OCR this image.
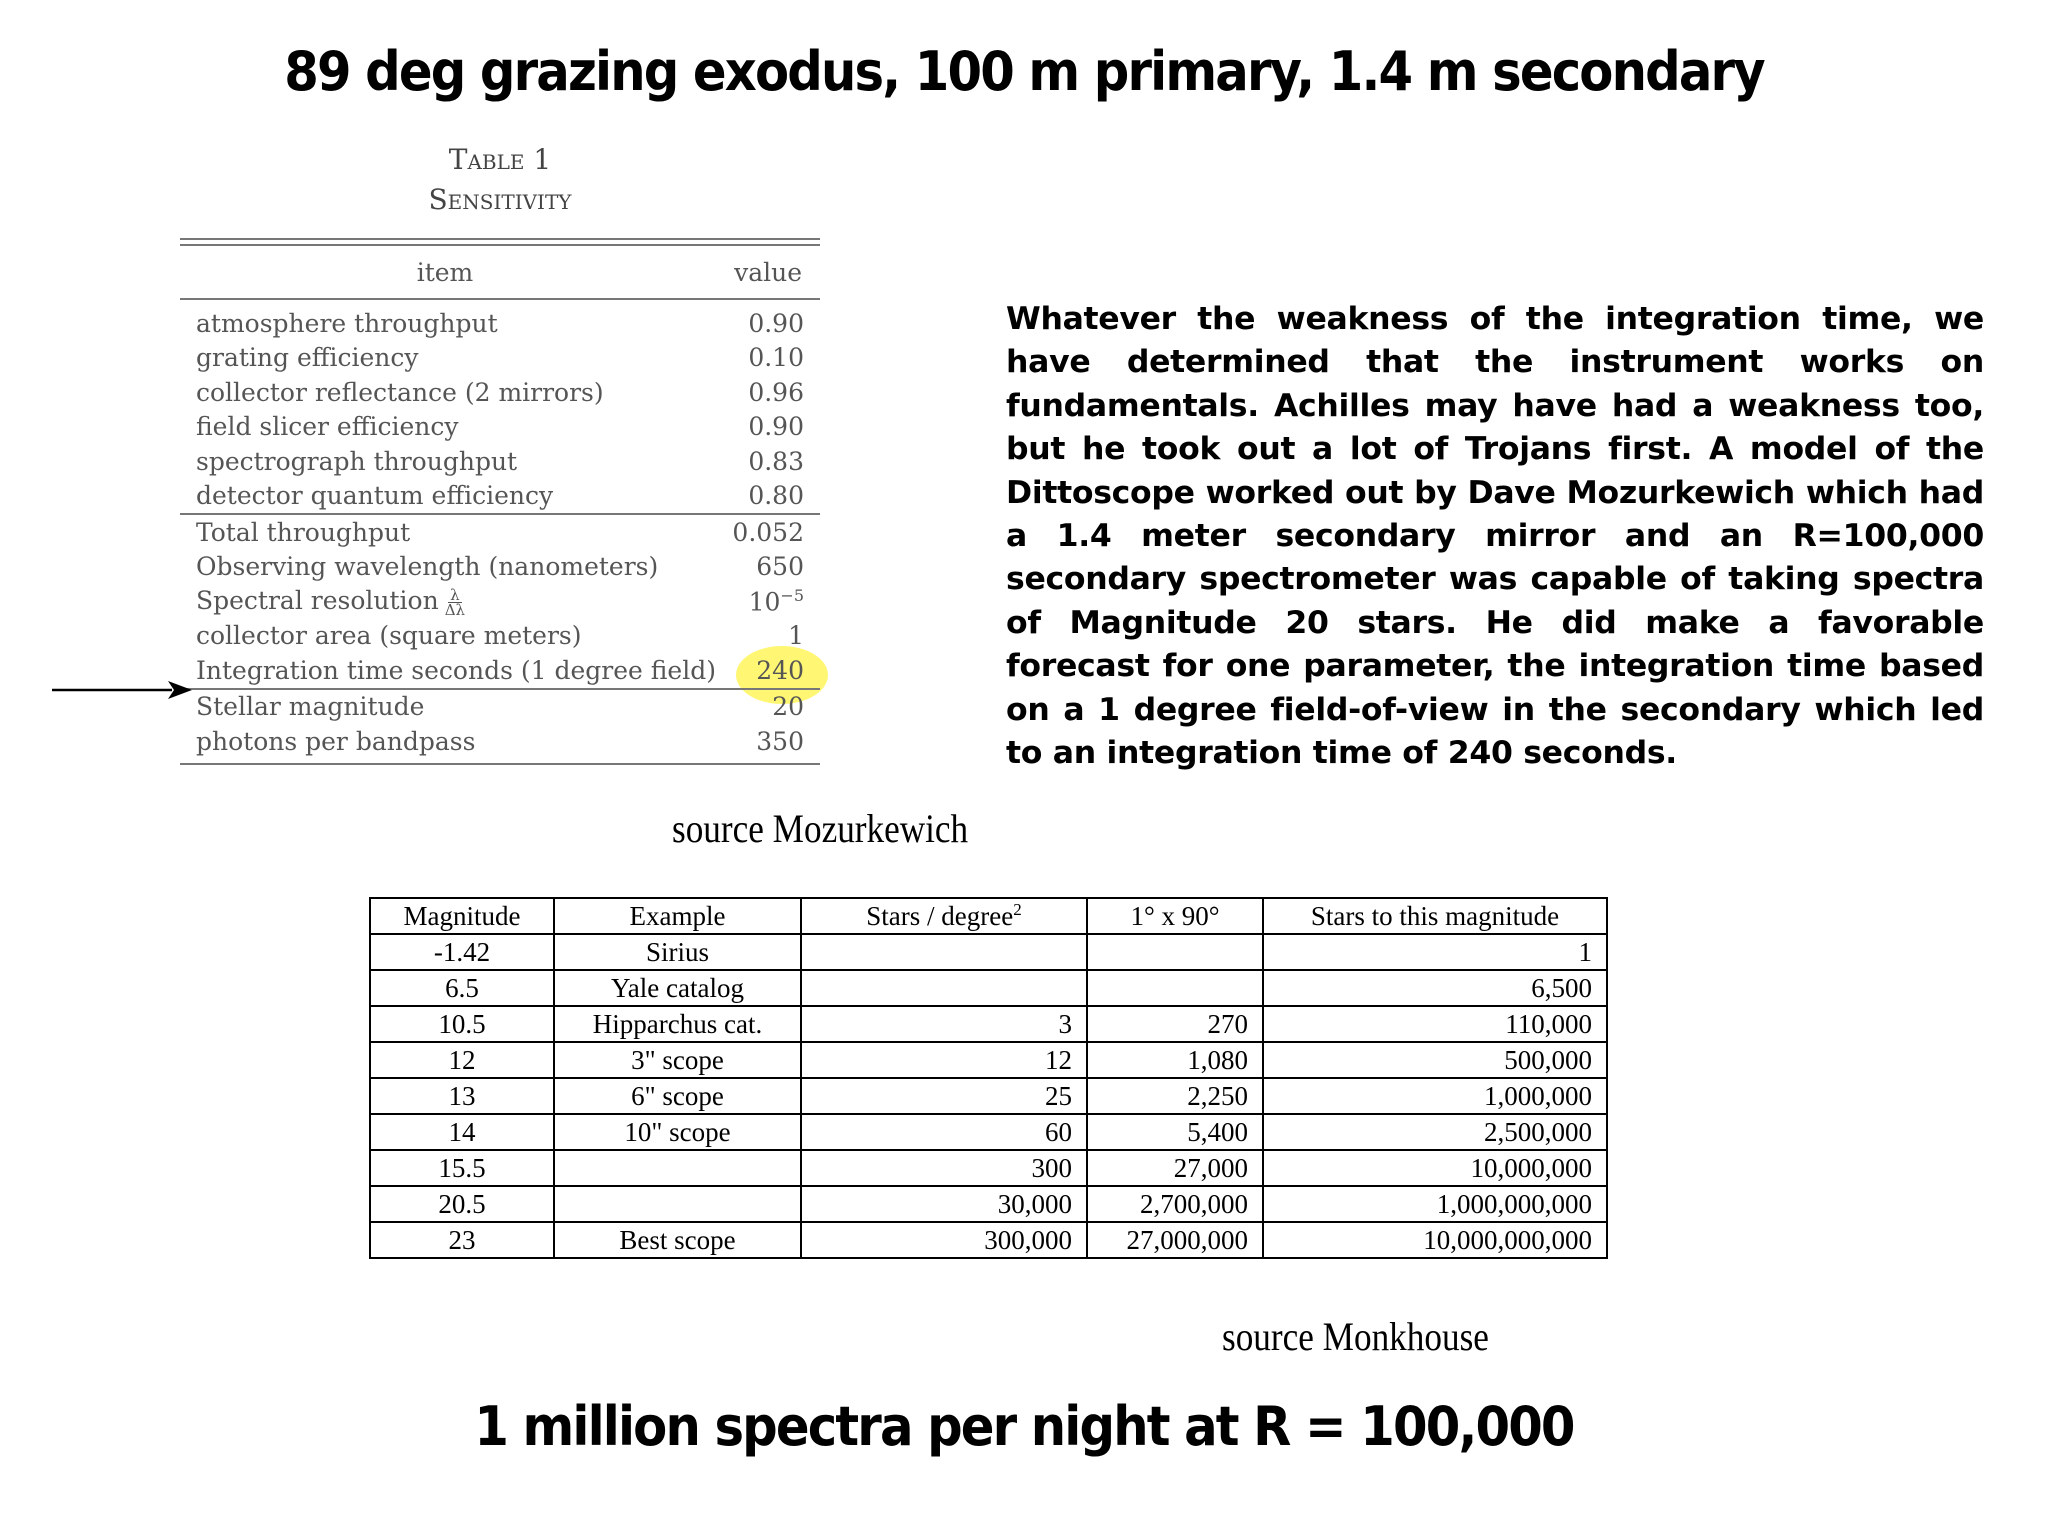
89 deg grazing exodus, 100 m primary, 1.4 m secondary
Table 1
Sensitivity
item	value
atmosphere throughput	0.90
grating efficiency	0.10
collector reflectance (2 mirrors)	0.96
field slicer efficiency	0.90
spectrograph throughput	0.83
detector quantum efficiency	0.80
Total throughput	0.052
Observing wavelength (nanometers)	650
Spectral resolution $\frac{\lambda}{\Delta\lambda}$	$10^{-5}$
collector area (square meters)	1
Integration time seconds (1 degree field)	240
Stellar magnitude	20
photons per bandpass	350
source Mozurkewich
Whatever the weakness of the integration time, we have determined that the instrument works on fundamentals. Achilles may have had a weakness too, but he took out a lot of Trojans first. A model of the Dittoscope worked out by Dave Mozurkewich which had a 1.4 meter secondary mirror and an R=100,000 secondary spectrometer was capable of taking spectra of Magnitude 20 stars. He did make a favorable forecast for one parameter, the integration time based on a 1 degree field-of-view in the secondary which led to an integration time of 240 seconds.
Magnitude	Example	Stars / degree$^2$	1° x 90°	Stars to this magnitude
-1.42	Sirius			1
6.5	Yale catalog			6,500
10.5	Hipparchus cat.	3	270	110,000
12	3" scope	12	1,080	500,000
13	6" scope	25	2,250	1,000,000
14	10" scope	60	5,400	2,500,000
15.5		300	27,000	10,000,000
20.5		30,000	2,700,000	1,000,000,000
23	Best scope	300,000	27,000,000	10,000,000,000
source Monkhouse
1 million spectra per night at R = 100,000
